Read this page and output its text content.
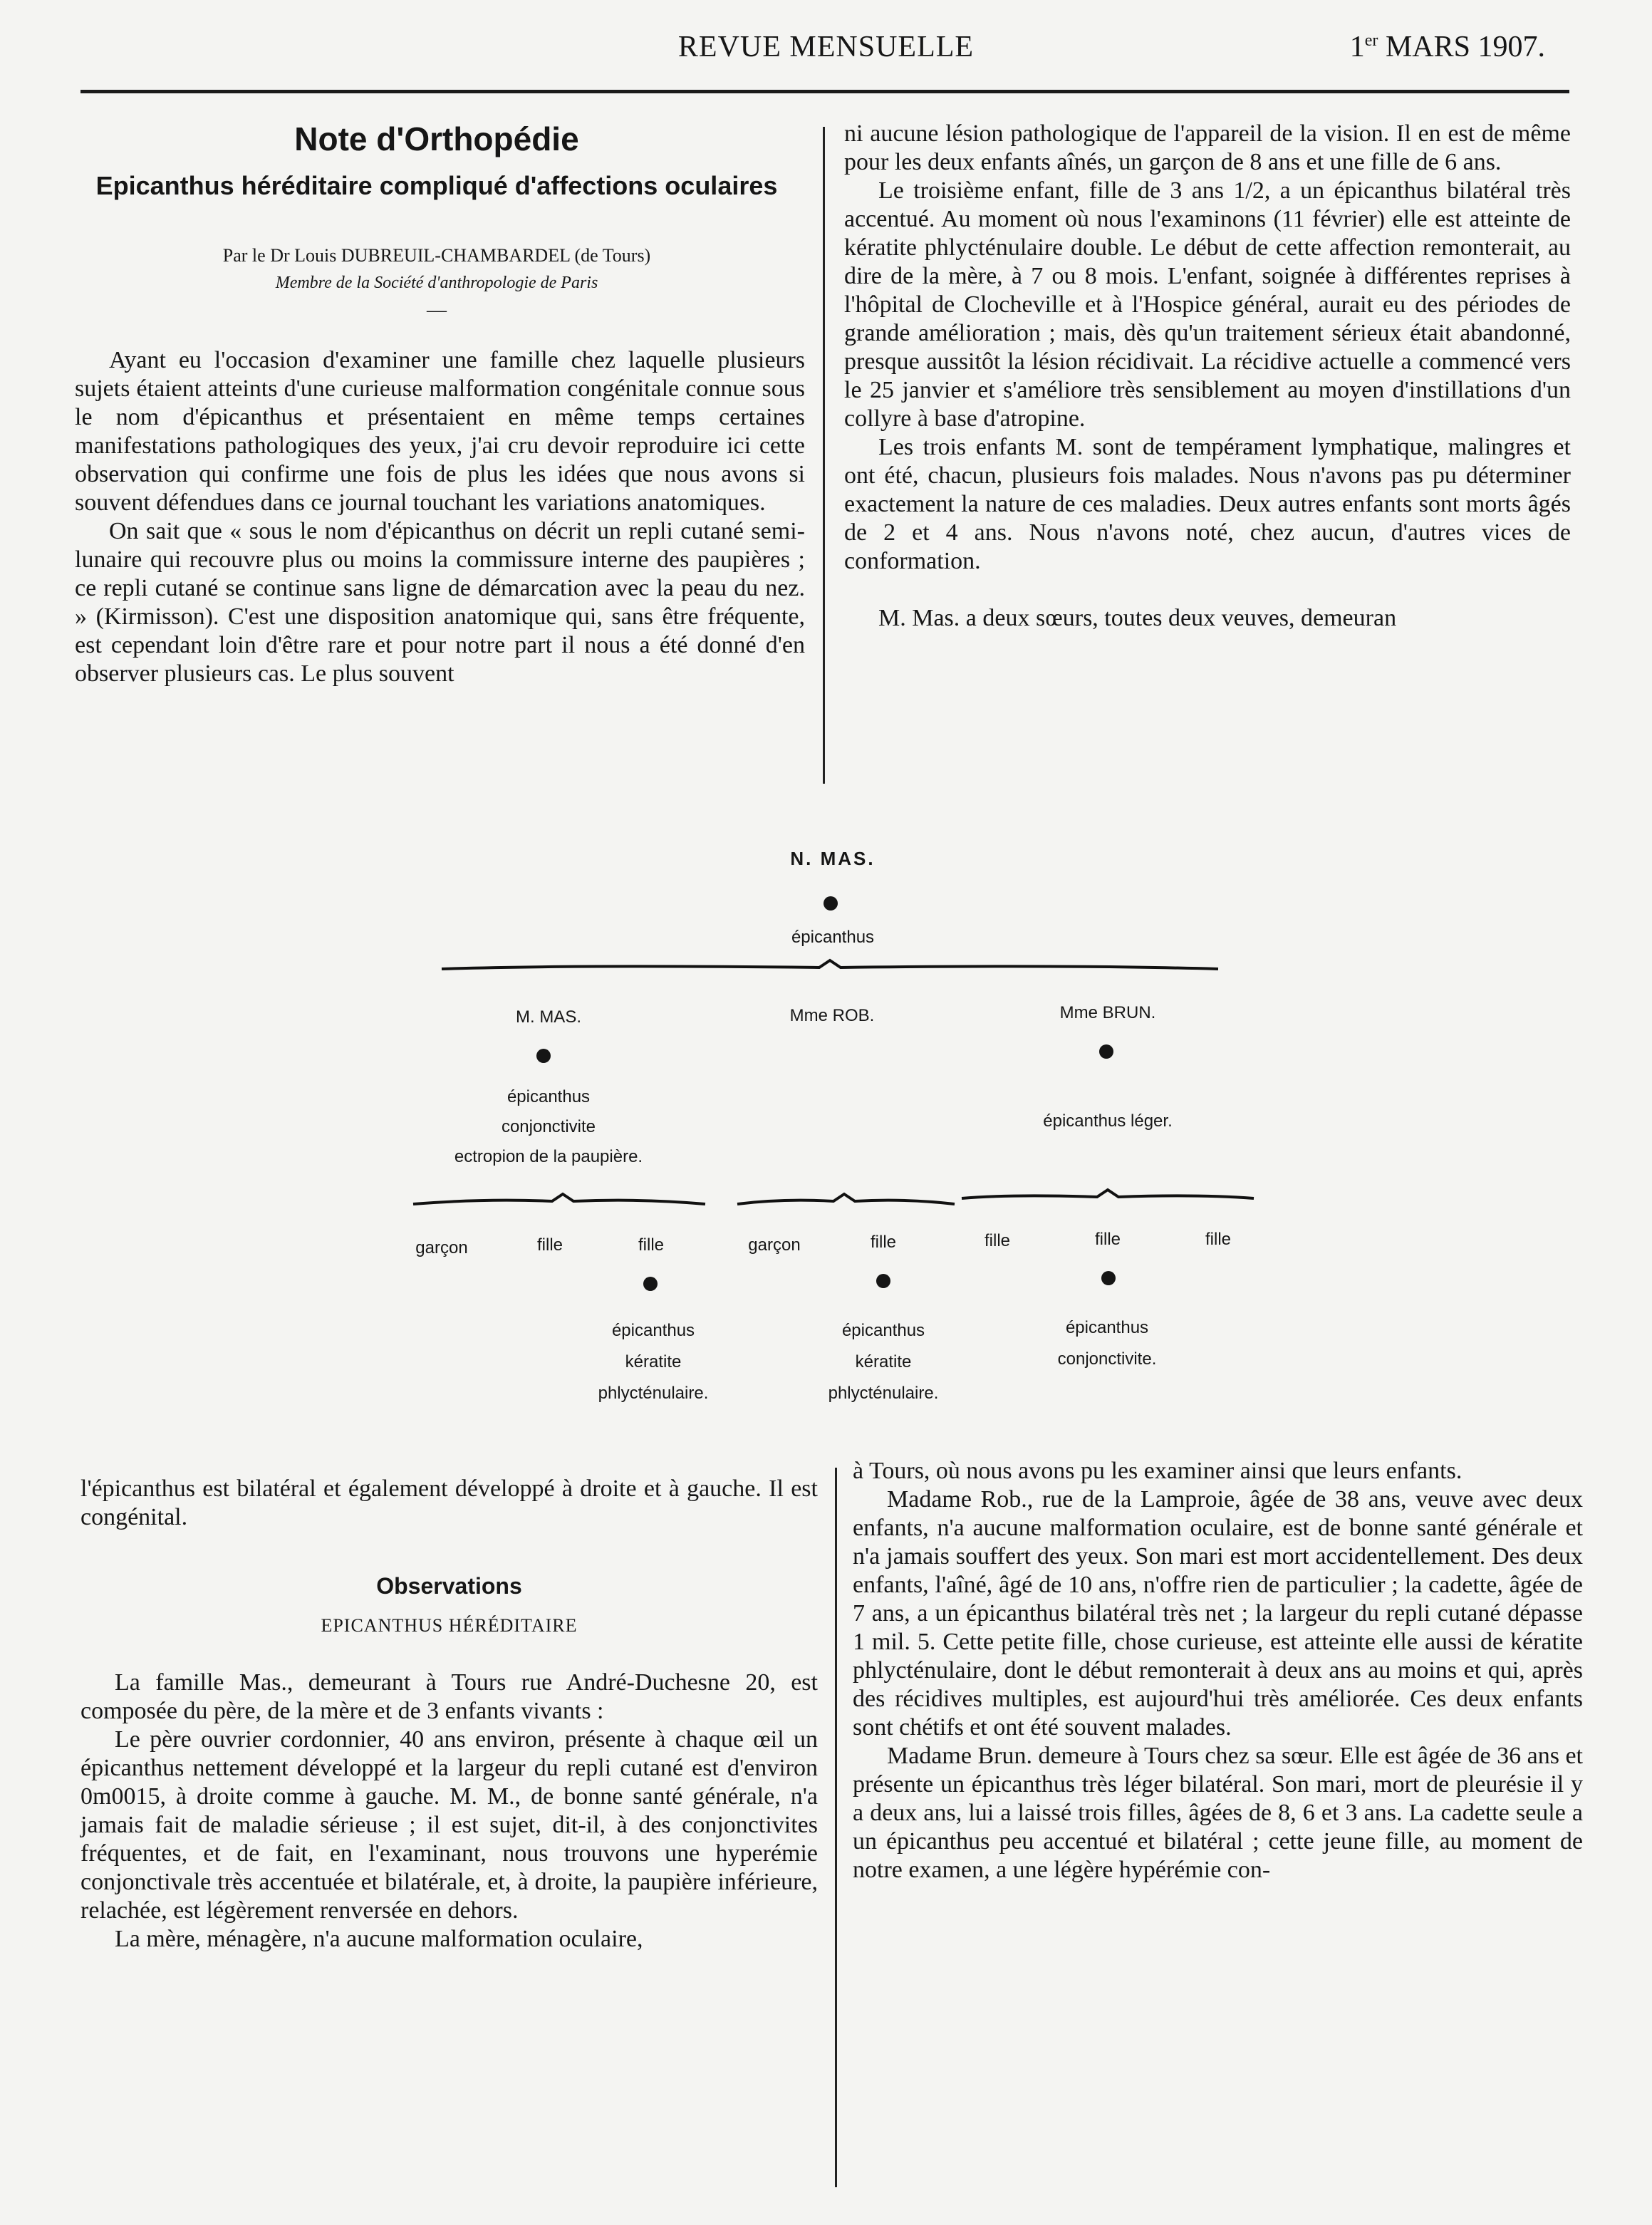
REVUE MENSUELLE	1er MARS 1907.
Note d'Orthopédie
Epicanthus héréditaire compliqué d'affections oculaires
Par le Dr Louis DUBREUIL-CHAMBARDEL (de Tours)
Membre de la Société d'anthropologie de Paris
—

Ayant eu l'occasion d'examiner une famille chez laquelle plusieurs sujets étaient atteints d'une curieuse malformation congénitale connue sous le nom d'épicanthus et présentaient en même temps certaines manifestations pathologiques des yeux, j'ai cru devoir reproduire ici cette observation qui confirme une fois de plus les idées que nous avons si souvent défendues dans ce journal touchant les variations anatomiques.

On sait que « sous le nom d'épicanthus on décrit un repli cutané semi-lunaire qui recouvre plus ou moins la commissure interne des paupières ; ce repli cutané se continue sans ligne de démarcation avec la peau du nez. » (Kirmisson). C'est une disposition anatomique qui, sans être fréquente, est cependant loin d'être rare et pour notre part il nous a été donné d'en observer plusieurs cas. Le plus souvent

ni aucune lésion pathologique de l'appareil de la vision. Il en est de même pour les deux enfants aînés, un garçon de 8 ans et une fille de 6 ans.

Le troisième enfant, fille de 3 ans 1/2, a un épicanthus bilatéral très accentué. Au moment où nous l'examinons (11 février) elle est atteinte de kératite phlycténulaire double. Le début de cette affection remonterait, au dire de la mère, à 7 ou 8 mois. L'enfant, soignée à différentes reprises à l'hôpital de Clocheville et à l'Hospice général, aurait eu des périodes de grande amélioration ; mais, dès qu'un traitement sérieux était abandonné, presque aussitôt la lésion récidivait. La récidive actuelle a commencé vers le 25 janvier et s'améliore très sensiblement au moyen d'instillations d'un collyre à base d'atropine.

Les trois enfants M. sont de tempérament lymphatique, malingres et ont été, chacun, plusieurs fois malades. Nous n'avons pas pu déterminer exactement la nature de ces maladies. Deux autres enfants sont morts âgés de 2 et 4 ans. Nous n'avons noté, chez aucun, d'autres vices de conformation.

M. Mas. a deux sœurs, toutes deux veuves, demeuran

N. MAS.
épicanthus
M. MAS.
épicanthus
conjonctivite
ectropion de la paupière.
Mme ROB.	Mme BRUN.
épicanthus léger.
garçon	fille	fille
épicanthus
kératite
phlycténulaire.
garçon	fille
épicanthus
kératite
phlycténulaire.
fille	fille
épicanthus
conjonctivite.
fille

l'épicanthus est bilatéral et également développé à droite et à gauche. Il est congénital.

Observations
EPICANTHUS HÉRÉDITAIRE

La famille Mas., demeurant à Tours rue André-Duchesne 20, est composée du père, de la mère et de 3 enfants vivants :

Le père ouvrier cordonnier, 40 ans environ, présente à chaque œil un épicanthus nettement développé et la largeur du repli cutané est d'environ 0m0015, à droite comme à gauche. M. M., de bonne santé générale, n'a jamais fait de maladie sérieuse ; il est sujet, dit-il, à des conjonctivites fréquentes, et de fait, en l'examinant, nous trouvons une hyperémie conjonctivale très accentuée et bilatérale, et, à droite, la paupière inférieure, relachée, est légèrement renversée en dehors.

La mère, ménagère, n'a aucune malformation oculaire,

à Tours, où nous avons pu les examiner ainsi que leurs enfants.

Madame Rob., rue de la Lamproie, âgée de 38 ans, veuve avec deux enfants, n'a aucune malformation oculaire, est de bonne santé générale et n'a jamais souffert des yeux. Son mari est mort accidentellement. Des deux enfants, l'aîné, âgé de 10 ans, n'offre rien de particulier ; la cadette, âgée de 7 ans, a un épicanthus bilatéral très net ; la largeur du repli cutané dépasse 1 mil. 5. Cette petite fille, chose curieuse, est atteinte elle aussi de kératite phlycténulaire, dont le début remonterait à deux ans au moins et qui, après des récidives multiples, est aujourd'hui très améliorée. Ces deux enfants sont chétifs et ont été souvent malades.

Madame Brun. demeure à Tours chez sa sœur. Elle est âgée de 36 ans et présente un épicanthus très léger bilatéral. Son mari, mort de pleurésie il y a deux ans, lui a laissé trois filles, âgées de 8, 6 et 3 ans. La cadette seule a un épicanthus peu accentué et bilatéral ; cette jeune fille, au moment de notre examen, a une légère hypérémie con-
